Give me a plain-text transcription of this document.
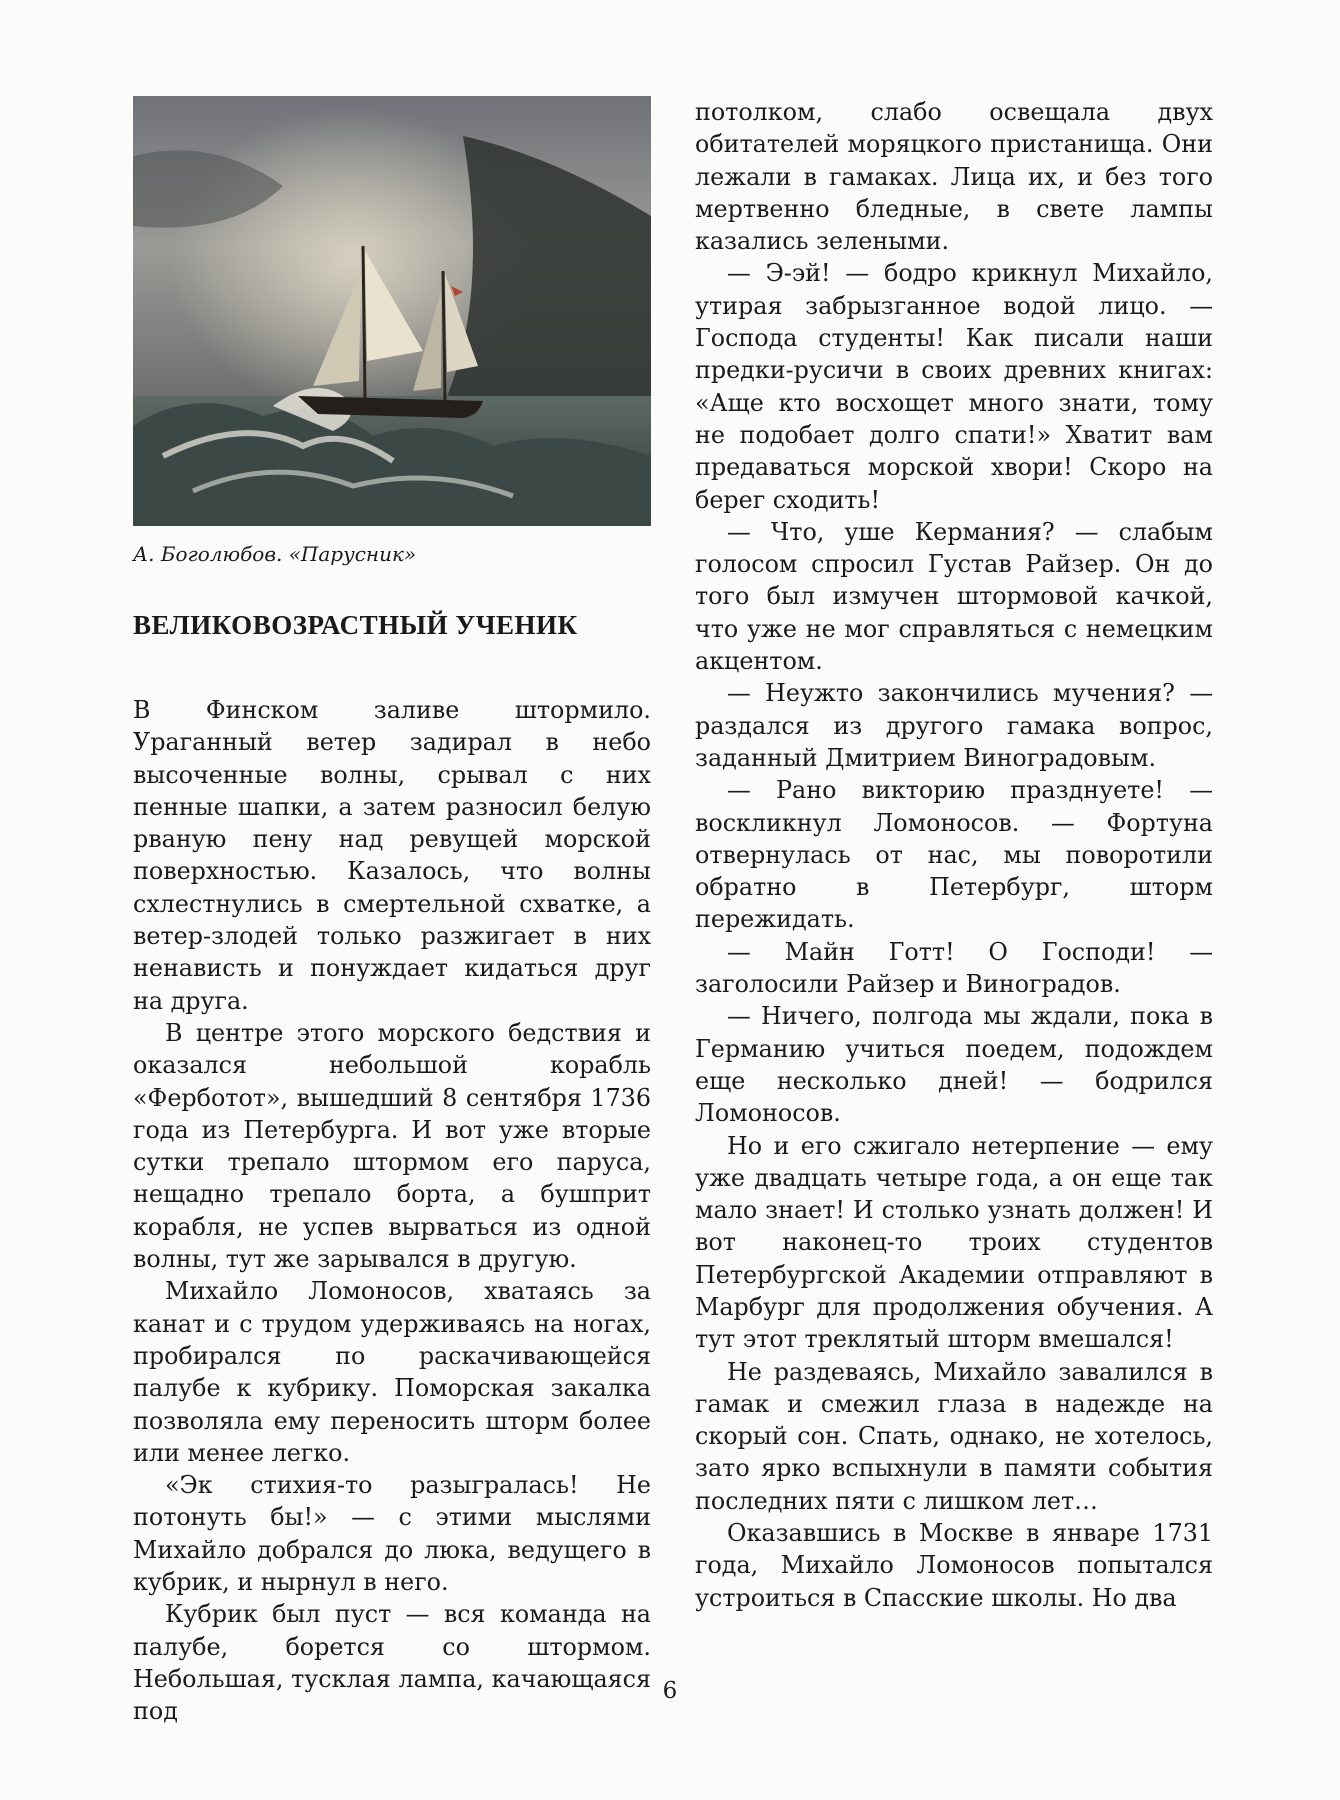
А. Боголюбов. «Парусник»

ВЕЛИКОВОЗРАСТНЫЙ УЧЕНИК

В Финском заливе штормило. Ураганный ветер задирал в небо высоченные волны, срывал с них пенные шапки, а затем разносил белую рваную пену над ревущей морской поверхностью. Казалось, что волны схлестнулись в смертельной схватке, а ветер-злодей только разжигает в них ненависть и понуждает кидаться друг на друга.

В центре этого морского бедствия и оказался небольшой корабль «Ферботот», вышедший 8 сентября 1736 года из Петербурга. И вот уже вторые сутки трепало штормом его паруса, нещадно трепало борта, а бушприт корабля, не успев вырваться из одной волны, тут же зарывался в другую.

Михайло Ломоносов, хватаясь за канат и с трудом удерживаясь на ногах, пробирался по раскачивающейся палубе к кубрику. Поморская закалка позволяла ему переносить шторм более или менее легко.

«Эк стихия-то разыгралась! Не потонуть бы!» — с этими мыслями Михайло добрался до люка, ведущего в кубрик, и нырнул в него.

Кубрик был пуст — вся команда на палубе, борется со штормом. Небольшая, тусклая лампа, качающаяся под

потолком, слабо освещала двух обитателей моряцкого пристанища. Они лежали в гамаках. Лица их, и без того мертвенно бледные, в свете лампы казались зелеными.

— Э-эй! — бодро крикнул Михайло, утирая забрызганное водой лицо. — Господа студенты! Как писали наши предки-русичи в своих древних книгах: «Аще кто восхощет много знати, тому не подобает долго спати!» Хватит вам предаваться морской хвори! Скоро на берег сходить!

— Что, уше Кермания? — слабым голосом спросил Густав Райзер. Он до того был измучен штормовой качкой, что уже не мог справляться с немецким акцентом.

— Неужто закончились мучения? — раздался из другого гамака вопрос, заданный Дмитрием Виноградовым.

— Рано викторию празднуете! — воскликнул Ломоносов. — Фортуна отвернулась от нас, мы поворотили обратно в Петербург, шторм пережидать.

— Майн Готт! О Господи! — заголосили Райзер и Виноградов.

— Ничего, полгода мы ждали, пока в Германию учиться поедем, подождем еще несколько дней! — бодрился Ломоносов.

Но и его сжигало нетерпение — ему уже двадцать четыре года, а он еще так мало знает! И столько узнать должен! И вот наконец-то троих студентов Петербургской Академии отправляют в Марбург для продолжения обучения. А тут этот треклятый шторм вмешался!

Не раздеваясь, Михайло завалился в гамак и смежил глаза в надежде на скорый сон. Спать, однако, не хотелось, зато ярко вспыхнули в памяти события последних пяти с лишком лет…

Оказавшись в Москве в январе 1731 года, Михайло Ломоносов попытался устроиться в Спасские школы. Но два

6
